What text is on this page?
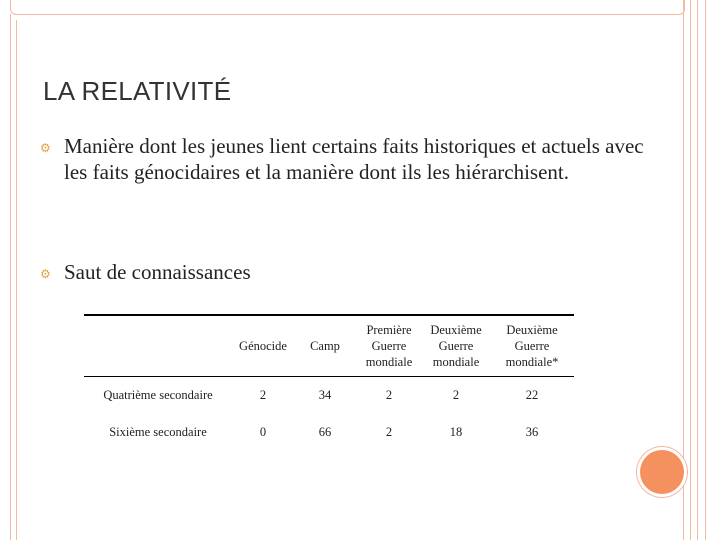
LA RELATIVITÉ
⚙ Manière dont les jeunes lient certains faits historiques et actuels avec les faits génocidaires et la manière dont ils les hiérarchisent.
⚙ Saut de connaissances
	Génocide	Camp	Première Guerre mondiale	Deuxième Guerre mondiale	Deuxième Guerre mondiale*
Quatrième secondaire	2	34	2	2	22
Sixième secondaire	0	66	2	18	36
